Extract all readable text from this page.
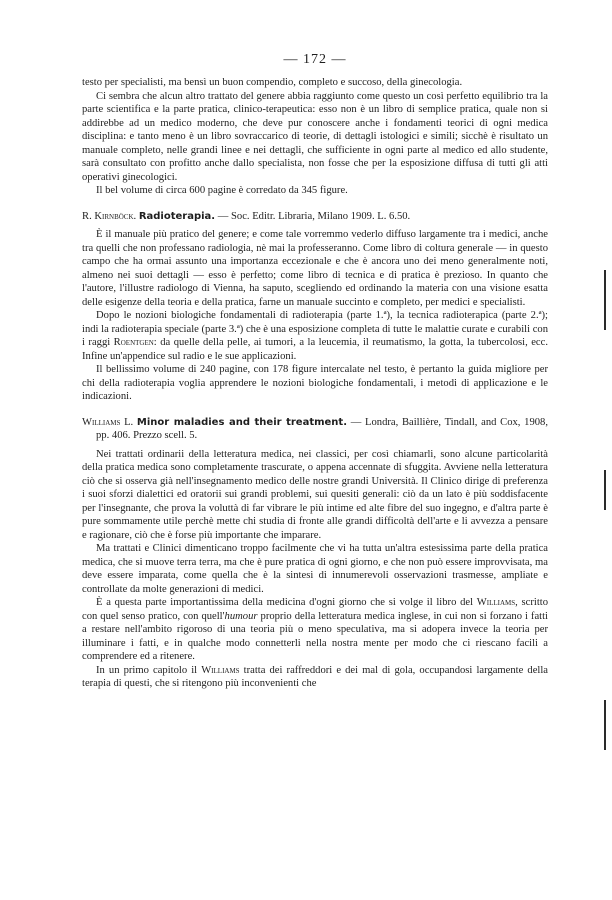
— 172 —

testo per specialisti, ma bensì un buon compendio, completo e succoso, della ginecologia.

Ci sembra che alcun altro trattato del genere abbia raggiunto come questo un così perfetto equilibrio tra la parte scientifica e la parte pratica, clinico-terapeutica: esso non è un libro di semplice pratica, quale non si addirebbe ad un medico moderno, che deve pur conoscere anche i fondamenti teorici di ogni medica disciplina: e tanto meno è un libro sovraccarico di teorie, di dettagli istologici e simili; sicchè è risultato un manuale completo, nelle grandi linee e nei dettagli, che sufficiente in ogni parte al medico ed allo studente, sarà consultato con profitto anche dallo specialista, non fosse che per la esposizione diffusa di tutti gli atti operativi ginecologici.

Il bel volume di circa 600 pagine è corredato da 345 figure.

R. Kirnböck. Radioterapia. — Soc. Editr. Libraria, Milano 1909. L. 6.50.

È il manuale più pratico del genere; e come tale vorremmo vederlo diffuso largamente tra i medici, anche tra quelli che non professano radiologia, nè mai la professeranno. Come libro di coltura generale — in questo campo che ha ormai assunto una importanza eccezionale e che è ancora uno dei meno generalmente noti, almeno nei suoi dettagli — esso è perfetto; come libro di tecnica e di pratica è prezioso. In quanto che l'autore, l'illustre radiologo di Vienna, ha saputo, scegliendo ed ordinando la materia con una visione esatta delle esigenze della teoria e della pratica, farne un manuale succinto e completo, per medici e specialisti.

Dopo le nozioni biologiche fondamentali di radioterapia (parte 1.ª), la tecnica radioterapica (parte 2.ª); indi la radioterapia speciale (parte 3.ª) che è una esposizione completa di tutte le malattie curate e curabili con i raggi Roentgen: da quelle della pelle, ai tumori, a la leucemia, il reumatismo, la gotta, la tubercolosi, ecc. Infine un'appendice sul radio e le sue applicazioni.

Il bellissimo volume di 240 pagine, con 178 figure intercalate nel testo, è pertanto la guida migliore per chi della radioterapia voglia apprendere le nozioni biologiche fondamentali, i metodi di applicazione e le indicazioni.

Williams L. Minor maladies and their treatment. — Londra, Baillière, Tindall, and Cox, 1908, pp. 406. Prezzo scell. 5.

Nei trattati ordinarii della letteratura medica, nei classici, per così chiamarli, sono alcune particolarità della pratica medica sono completamente trascurate, o appena accennate di sfuggita. Avviene nella letteratura ciò che si osserva già nell'insegnamento medico delle nostre grandi Università. Il Clinico dirige di preferenza i suoi sforzi dialettici ed oratorii sui grandi problemi, sui quesiti generali: ciò da un lato è più soddisfacente per l'insegnante, che prova la voluttà di far vibrare le più intime ed alte fibre del suo ingegno, e d'altra parte è pure sommamente utile perchè mette chi studia di fronte alle grandi difficoltà dell'arte e li avvezza a pensare e ragionare, ciò che è forse più importante che imparare.

Ma trattati e Clinici dimenticano troppo facilmente che vi ha tutta un'altra estesissima parte della pratica medica, che si muove terra terra, ma che è pure pratica di ogni giorno, e che non può essere improvvisata, ma deve essere imparata, come quella che è la sintesi di innumerevoli osservazioni trasmesse, ampliate e controllate da molte generazioni di medici.

È a questa parte importantissima della medicina d'ogni giorno che si volge il libro del Williams, scritto con quel senso pratico, con quell'humour proprio della letteratura medica inglese, in cui non si forzano i fatti a restare nell'ambito rigoroso di una teoria più o meno speculativa, ma si adopera invece la teoria per illuminare i fatti, e in qualche modo connetterli nella nostra mente per modo che ci riescano facili a comprendere ed a ritenere.

In un primo capitolo il Williams tratta dei raffreddori e dei mal di gola, occupandosi largamente della terapia di questi, che si ritengono più inconvenienti che
